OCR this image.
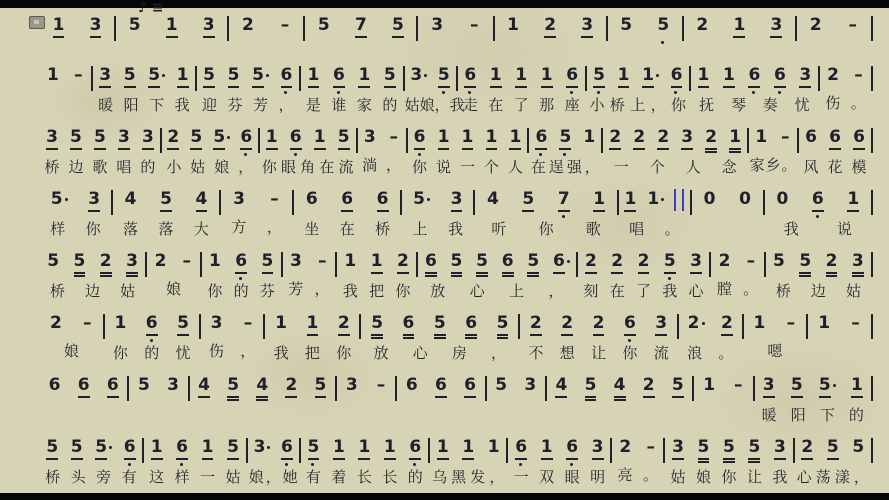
♪ ≡
1 3 5 1 3 2 – 5 7 5 3 – 1 2 3 5 5 2 1 3 2 –
1 – 3 5 5 1
暖 阳 下 我
5 5 5 6
迎 芬 芳 ，
1 6 1 5
是 谁 家 的
3 5
姑 娘 ， 我
6 1 1 1 6
走 在 了 那 座
5 1 1 6
小 桥 上 ， 你
1 1 6 6 3
抚 琴 奏 忧
2 –
伤 。
3 5 5 3 3
桥 边 歌 唱 的
2 5 5 6
小 姑 娘 ，
1 6 1 5
你 眼 角 在 流
3 –
淌 ，
6 1 1 1 1
你 说 一 个 人
6 5 1
在 逞 强 ，
2 2 2 3 2 1
一 个 人 念
1 –
家 乡 。
6 6 6
风 花 模
5 3
样 你
4 5 4
落 落 大
3 –
方 ，
6 6 6
坐 在 桥
5 3
上 我
4 5 7 1
听 你 歌
1 1
唱 。
0 0 0 6 1
我	说
5 5 2 3
桥 边 姑
2 –
娘
1 6 5
你 的 芬
3 –
芳 ，
1 1 2
我 把 你
6 5 5 6 5 6
放 心 上 ，
2 2 2 5 3
刻 在 了 我 心
2 –
膛 。
5 5 2 3
桥 边 姑
2 –
娘
1 6 5
你 的 忧
3 –
伤 ，
1 1 2
我 把 你
5 6 5 6 5
放 心 房 ，
2 2 2 6 3
不 想 让 你 流
2 2
浪 。
1 –
嗯
1 –
6 6 6 5 3 4 5 4 2 5 3 – 6 6 6 5 3 4 5 4 2 5 1 – 3 5 5 1
暖 阳 下 的
5 5 5 6
桥 头 旁 有
1 6 1 5
这 样 一 姑
3 6
娘 ， 她
5 1 1 1 6
有 着 长 长 的
1 1 1
乌 黑 发 ，
6 1 6 3
一 双 眼 明
2 –
亮 。
3 5 5 5 3
姑 娘 你 让 我
2 5 5
心 荡 漾 ，
